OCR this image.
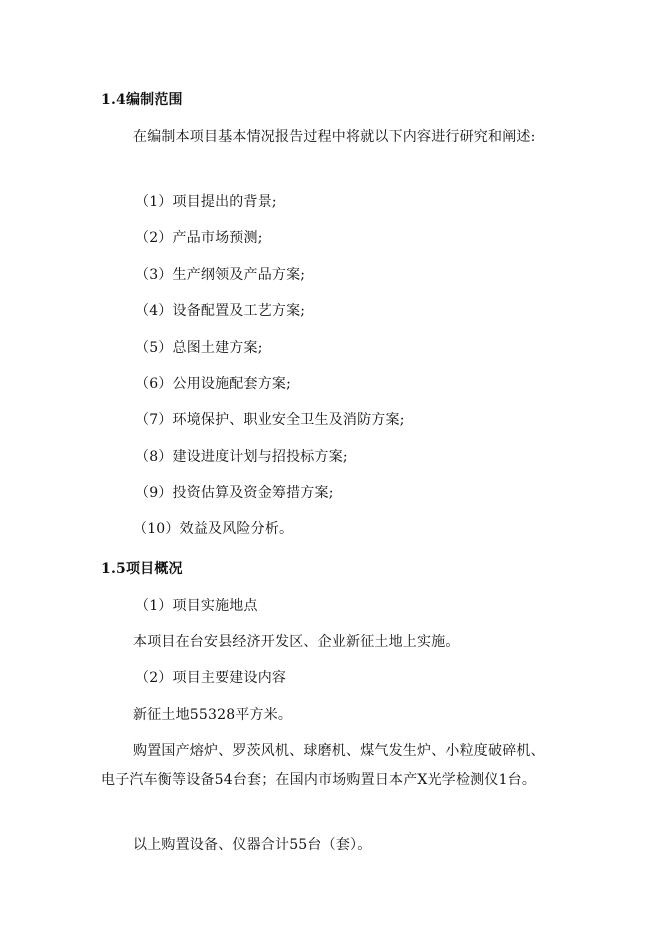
1.4编制范围
在编制本项目基本情况报告过程中将就以下内容进行研究和阐述:
（1）项目提出的背景;
（2）产品市场预测;
（3）生产纲领及产品方案;
（4）设备配置及工艺方案;
（5）总图土建方案;
（6）公用设施配套方案;
（7）环境保护、职业安全卫生及消防方案;
（8）建设进度计划与招投标方案;
（9）投资估算及资金筹措方案;
（10）效益及风险分析。
1.5项目概况
（1）项目实施地点
本项目在台安县经济开发区、企业新征土地上实施。
（2）项目主要建设内容
新征土地55328平方米。
购置国产熔炉、罗茨风机、球磨机、煤气发生炉、小粒度破碎机、
电子汽车衡等设备54台套；在国内市场购置日本产X光学检测仪1台。
以上购置设备、仪器合计55台（套）。
